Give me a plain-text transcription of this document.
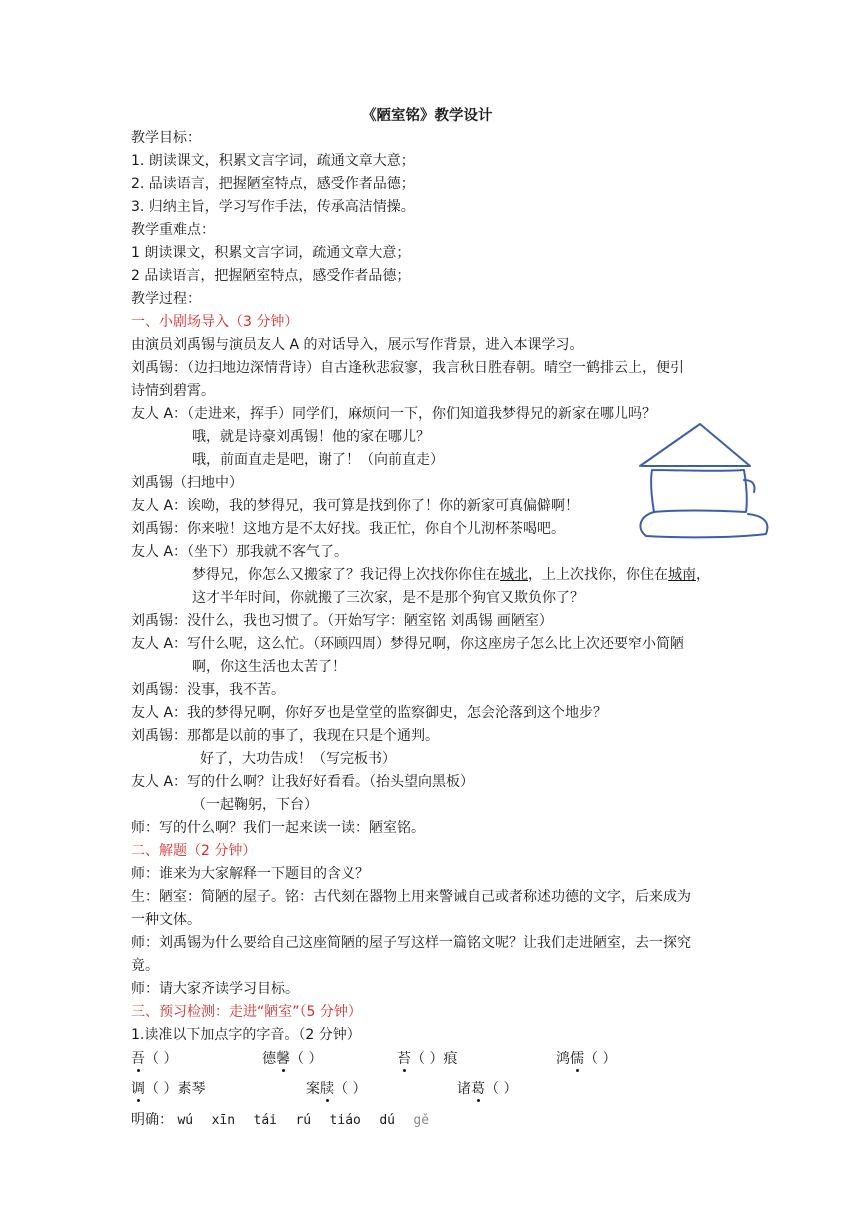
《陋室铭》教学设计
教学目标：
1. 朗读课文，积累文言字词，疏通文章大意；
2. 品读语言，把握陋室特点，感受作者品德；
3. 归纳主旨，学习写作手法，传承高洁情操。
教学重难点：
1 朗读课文，积累文言字词，疏通文章大意；
2 品读语言，把握陋室特点，感受作者品德；
教学过程：
一、小剧场导入（3 分钟）
由演员刘禹锡与演员友人 A 的对话导入，展示写作背景，进入本课学习。
刘禹锡：（边扫地边深情背诗）自古逢秋悲寂寥，我言秋日胜春朝。晴空一鹤排云上，便引
诗情到碧霄。
友人 A：（走进来，挥手）同学们，麻烦问一下，你们知道我梦得兄的新家在哪儿吗？
哦，就是诗豪刘禹锡！他的家在哪儿？
哦，前面直走是吧，谢了！（向前直走）
刘禹锡（扫地中）
友人 A：诶呦，我的梦得兄，我可算是找到你了！你的新家可真偏僻啊！
刘禹锡：你来啦！这地方是不太好找。我正忙，你自个儿沏杯茶喝吧。
友人 A：（坐下）那我就不客气了。
梦得兄，你怎么又搬家了？我记得上次找你你住在城北，上上次找你，你住在城南，
这才半年时间，你就搬了三次家，是不是那个狗官又欺负你了？
刘禹锡：没什么，我也习惯了。（开始写字：陋室铭 刘禹锡 画陋室）
友人 A：写什么呢，这么忙。（环顾四周）梦得兄啊，你这座房子怎么比上次还要窄小简陋
啊，你这生活也太苦了！
刘禹锡：没事，我不苦。
友人 A：我的梦得兄啊，你好歹也是堂堂的监察御史，怎会沦落到这个地步？
刘禹锡：那都是以前的事了，我现在只是个通判。
好了，大功告成！（写完板书）
友人 A：写的什么啊？让我好好看看。（抬头望向黑板）
（一起鞠躬，下台）
师：写的什么啊？我们一起来读一读：陋室铭。
二、解题（2 分钟）
师：谁来为大家解释一下题目的含义？
生：陋室：简陋的屋子。铭：古代刻在器物上用来警诫自己或者称述功德的文字，后来成为
一种文体。
师：刘禹锡为什么要给自己这座简陋的屋子写这样一篇铭文呢？让我们走进陋室，去一探究
竟。
师：请大家齐读学习目标。
三、预习检测：走进“陋室”（5 分钟）
1.读准以下加点字的字音。（2 分钟）
吾（ ）	德馨（ ）	苔（ ）痕	鸿儒（ ）
调（ ）素琴	案牍（ ）	诸葛（ ）
明确： wú xīn tái rú tiáo dú gě
